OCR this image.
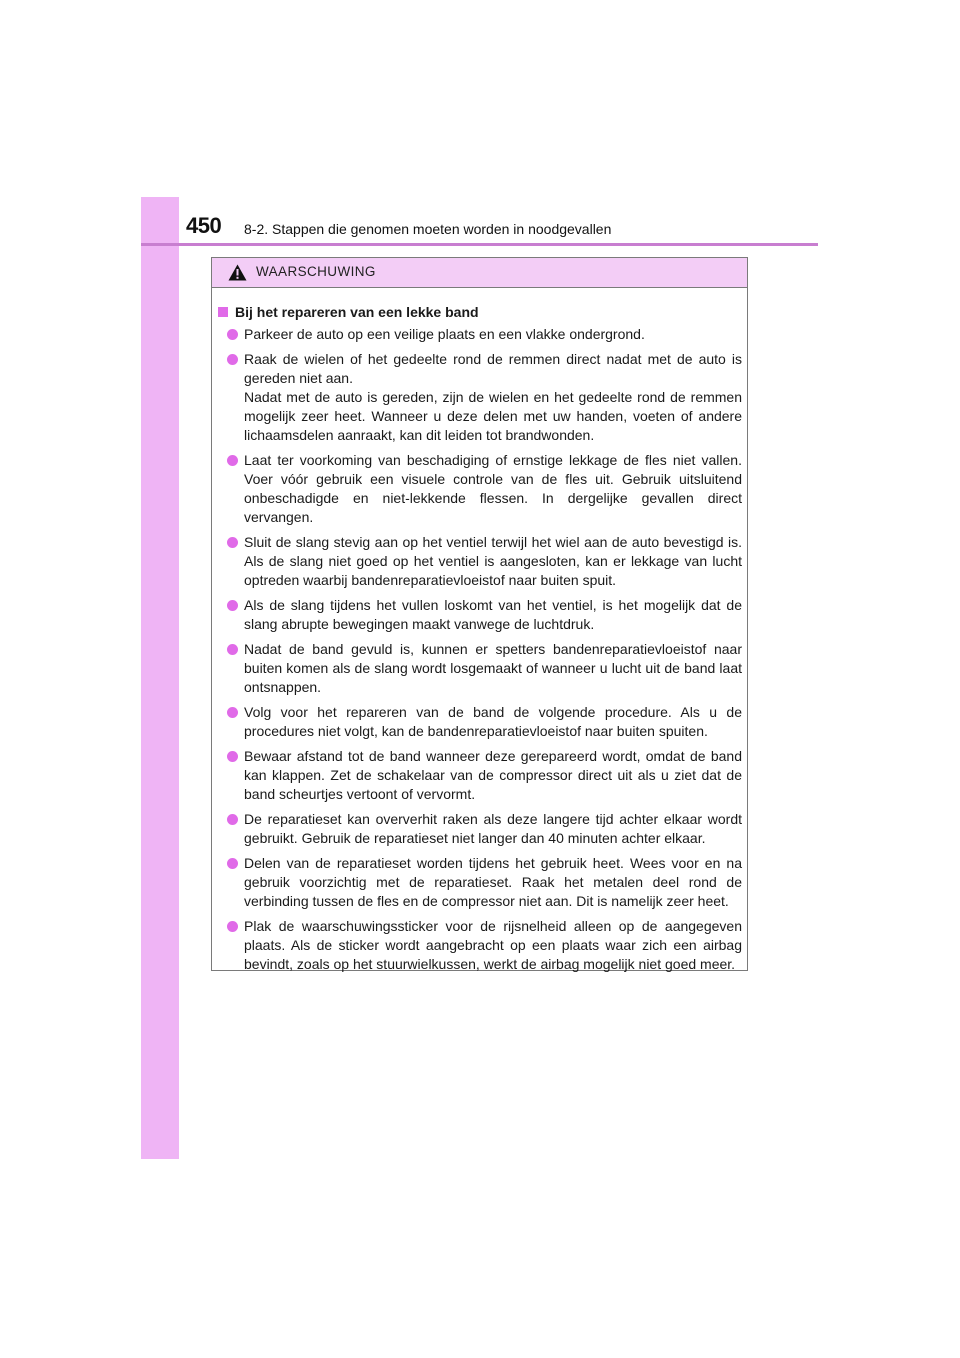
450 8-2. Stappen die genomen moeten worden in noodgevallen
WAARSCHUWING
Bij het repareren van een lekke band
Parkeer de auto op een veilige plaats en een vlakke ondergrond.
Raak de wielen of het gedeelte rond de remmen direct nadat met de auto is gereden niet aan.
Nadat met de auto is gereden, zijn de wielen en het gedeelte rond de remmen mogelijk zeer heet. Wanneer u deze delen met uw handen, voeten of andere lichaamsdelen aanraakt, kan dit leiden tot brandwonden.
Laat ter voorkoming van beschadiging of ernstige lekkage de fles niet vallen. Voer vóór gebruik een visuele controle van de fles uit. Gebruik uitsluitend onbeschadigde en niet-lekkende flessen. In dergelijke gevallen direct vervangen.
Sluit de slang stevig aan op het ventiel terwijl het wiel aan de auto bevestigd is. Als de slang niet goed op het ventiel is aangesloten, kan er lekkage van lucht optreden waarbij bandenreparatievloeistof naar buiten spuit.
Als de slang tijdens het vullen loskomt van het ventiel, is het mogelijk dat de slang abrupte bewegingen maakt vanwege de luchtdruk.
Nadat de band gevuld is, kunnen er spetters bandenreparatievloeistof naar buiten komen als de slang wordt losgemaakt of wanneer u lucht uit de band laat ontsnappen.
Volg voor het repareren van de band de volgende procedure. Als u de procedures niet volgt, kan de bandenreparatievloeistof naar buiten spuiten.
Bewaar afstand tot de band wanneer deze gerepareerd wordt, omdat de band kan klappen. Zet de schakelaar van de compressor direct uit als u ziet dat de band scheurtjes vertoont of vervormt.
De reparatieset kan oververhit raken als deze langere tijd achter elkaar wordt gebruikt. Gebruik de reparatieset niet langer dan 40 minuten achter elkaar.
Delen van de reparatieset worden tijdens het gebruik heet. Wees voor en na gebruik voorzichtig met de reparatieset. Raak het metalen deel rond de verbinding tussen de fles en de compressor niet aan. Dit is namelijk zeer heet.
Plak de waarschuwingssticker voor de rijsnelheid alleen op de aangegeven plaats. Als de sticker wordt aangebracht op een plaats waar zich een airbag bevindt, zoals op het stuurwielkussen, werkt de airbag mogelijk niet goed meer.
